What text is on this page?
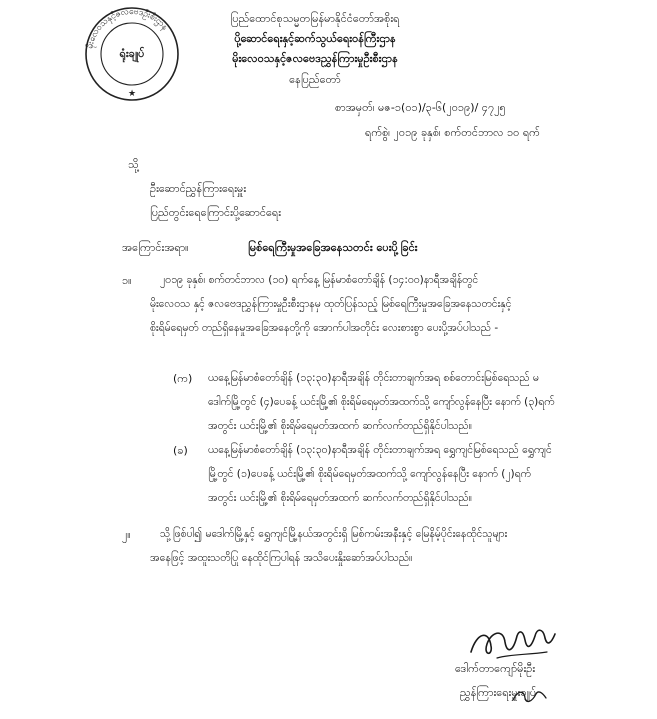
မိုးလေဝသနှင့်ဇလဗေဒဦးစီးဌာန
ရုံးချုပ်
★
ပြည်ထောင်စုသမ္မတမြန်မာနိုင်ငံတော်အစိုးရ
ပို့ဆောင်ရေးနှင့်ဆက်သွယ်ရေးဝန်ကြီးဌာန
မိုးလေဝသနှင့်ဇလဗေဒညွှန်ကြားမှုဦးစီးဌာန
နေပြည်တော်
စာအမှတ်၊ မဇ-၁(၀၁)/၃-၆(၂၀၁၉)/ ၄၇၂၅
ရက်စွဲ၊ ၂၀၁၉ ခုနှစ်၊ စက်တင်ဘာလ ၁၀ ရက်
သို့
ဦးဆောင်ညွှန်ကြားရေးမှူး
ပြည်တွင်းရေကြောင်းပို့ဆောင်ရေး
အကြောင်းအရာ။	မြစ်ရေကြီးမှုအခြေအနေသတင်း ပေးပို့ခြင်း
၁။	၂၀၁၉ ခုနှစ်၊ စက်တင်ဘာလ (၁၀) ရက်နေ့ မြန်မာစံတော်ချိန် (၁၄:၀၀)နာရီအချိန်တွင် မိုးလေဝသ နှင့် ဇလဗေဒညွှန်ကြားမှုဦးစီးဌာနမှ ထုတ်ပြန်သည့် မြစ်ရေကြီးမှုအခြေအနေသတင်းနှင့် စိုးရိမ်ရေမှတ် တည်ရှိနေမှုအခြေအနေတို့ကို အောက်ပါအတိုင်း လေးစားစွာ ပေးပို့အပ်ပါသည် -
(က) ယနေ့မြန်မာစံတော်ချိန် (၁၃:၃၀)နာရီအချိန် တိုင်းတာချက်အရ စစ်တောင်းမြစ်ရေသည် မဒေါက်မြို့တွင် (၄)ပေခန့် ယင်းမြို့၏ စိုးရိမ်ရေမှတ်အထက်သို့ ကျော်လွန်နေပြီး နောက် (၃)ရက်အတွင်း ယင်းမြို့၏ စိုးရိမ်ရေမှတ်အထက် ဆက်လက်တည်ရှိနိုင်ပါသည်။
(ခ) ယနေ့မြန်မာစံတော်ချိန် (၁၃:၃၀)နာရီအချိန် တိုင်းတာချက်အရ ရွှေကျင်မြစ်ရေသည် ရွှေကျင်မြို့တွင် (၁)ပေခန့် ယင်းမြို့၏ စိုးရိမ်ရေမှတ်အထက်သို့ ကျော်လွန်နေပြီး နောက် (၂)ရက်အတွင်း ယင်းမြို့၏ စိုးရိမ်ရေမှတ်အထက် ဆက်လက်တည်ရှိနိုင်ပါသည်။
၂။	သို့ဖြစ်ပါ၍ မဒေါက်မြို့နှင့် ရွှေကျင်မြို့နယ်အတွင်းရှိ မြစ်ကမ်းအနီးနှင့် မြေနိမ့်ပိုင်းနေထိုင်သူများ အနေဖြင့် အထူးသတိပြု နေထိုင်ကြပါရန် အသိပေးနှိုးဆော်အပ်ပါသည်။
ဒေါက်တာကျော်မိုးဦး
ညွှန်ကြားရေးမှူးချုပ်
